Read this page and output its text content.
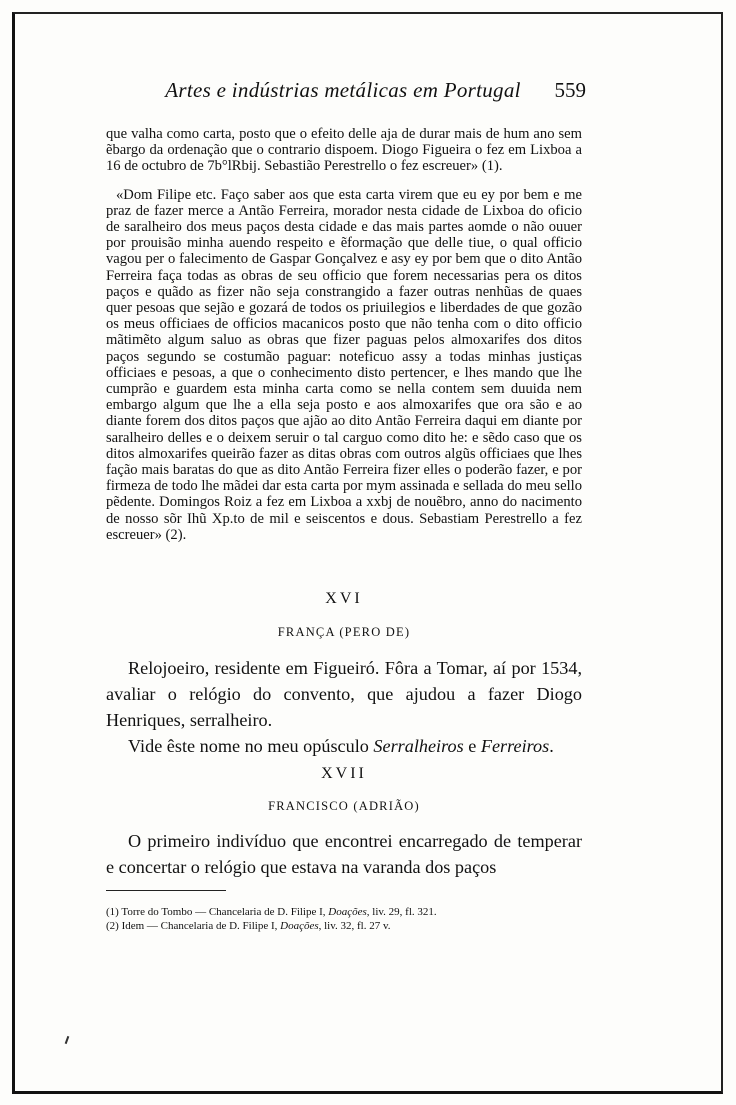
Artes e indústrias metálicas em Portugal	559

que valha como carta, posto que o efeito delle aja de durar mais de hum ano sem ẽbargo da ordenação que o contrario dispoem. Diogo Figueira o fez em Lixboa a 16 de octubro de 7b°lRbij. Sebastião Perestrello o fez escreuer» (1).

«Dom Filipe etc. Faço saber aos que esta carta virem que eu ey por bem e me praz de fazer merce a Antão Ferreira, morador nesta cidade de Lixboa do oficio de saralheiro dos meus paços desta cidade e das mais partes aomde o não ouuer por prouisão minha auendo respeito e ẽformação que delle tiue, o qual officio vagou per o falecimento de Gaspar Gonçalvez e asy ey por bem que o dito Antão Ferreira faça todas as obras de seu officio que forem necessarias pera os ditos paços e quãdo as fizer não seja constrangido a fazer outras nenhũas de quaes quer pesoas que sejão e gozará de todos os priuilegios e liberdades de que gozão os meus officiaes de officios macanicos posto que não tenha com o dito officio mãtimẽto algum saluo as obras que fizer paguas pelos almoxarifes dos ditos paços segundo se costumão paguar: noteficuo assy a todas minhas justiças officiaes e pesoas, a que o conhecimento disto pertencer, e lhes mando que lhe cumprão e guardem esta minha carta como se nella contem sem duuida nem embargo algum que lhe a ella seja posto e aos almoxarifes que ora são e ao diante forem dos ditos paços que ajão ao dito Antão Ferreira daqui em diante por saralheiro delles e o deixem seruir o tal carguo como dito he: e sẽdo caso que os ditos almoxarifes queirão fazer as ditas obras com outros algũs officiaes que lhes fação mais baratas do que as dito Antão Ferreira fizer elles o poderão fazer, e por firmeza de todo lhe mãdei dar esta carta por mym assinada e sellada do meu sello pẽdente. Domingos Roiz a fez em Lixboa a xxbj de nouẽbro, anno do nacimento de nosso sõr Ihũ Xp.to de mil e seiscentos e dous. Sebastiam Perestrello a fez escreuer» (2).

XVI
FRANÇA (PERO DE)

Relojoeiro, residente em Figueiró. Fôra a Tomar, aí por 1534, avaliar o relógio do convento, que ajudou a fazer Diogo Henriques, serralheiro.

Vide êste nome no meu opúsculo Serralheiros e Ferreiros.

XVII
FRANCISCO (ADRIÃO)

O primeiro indivíduo que encontrei encarregado de temperar e concertar o relógio que estava na varanda dos paços

(1) Torre do Tombo — Chancelaria de D. Filipe I, Doações, liv. 29, fl. 321.
(2) Idem — Chancelaria de D. Filipe I, Doações, liv. 32, fl. 27 v.
